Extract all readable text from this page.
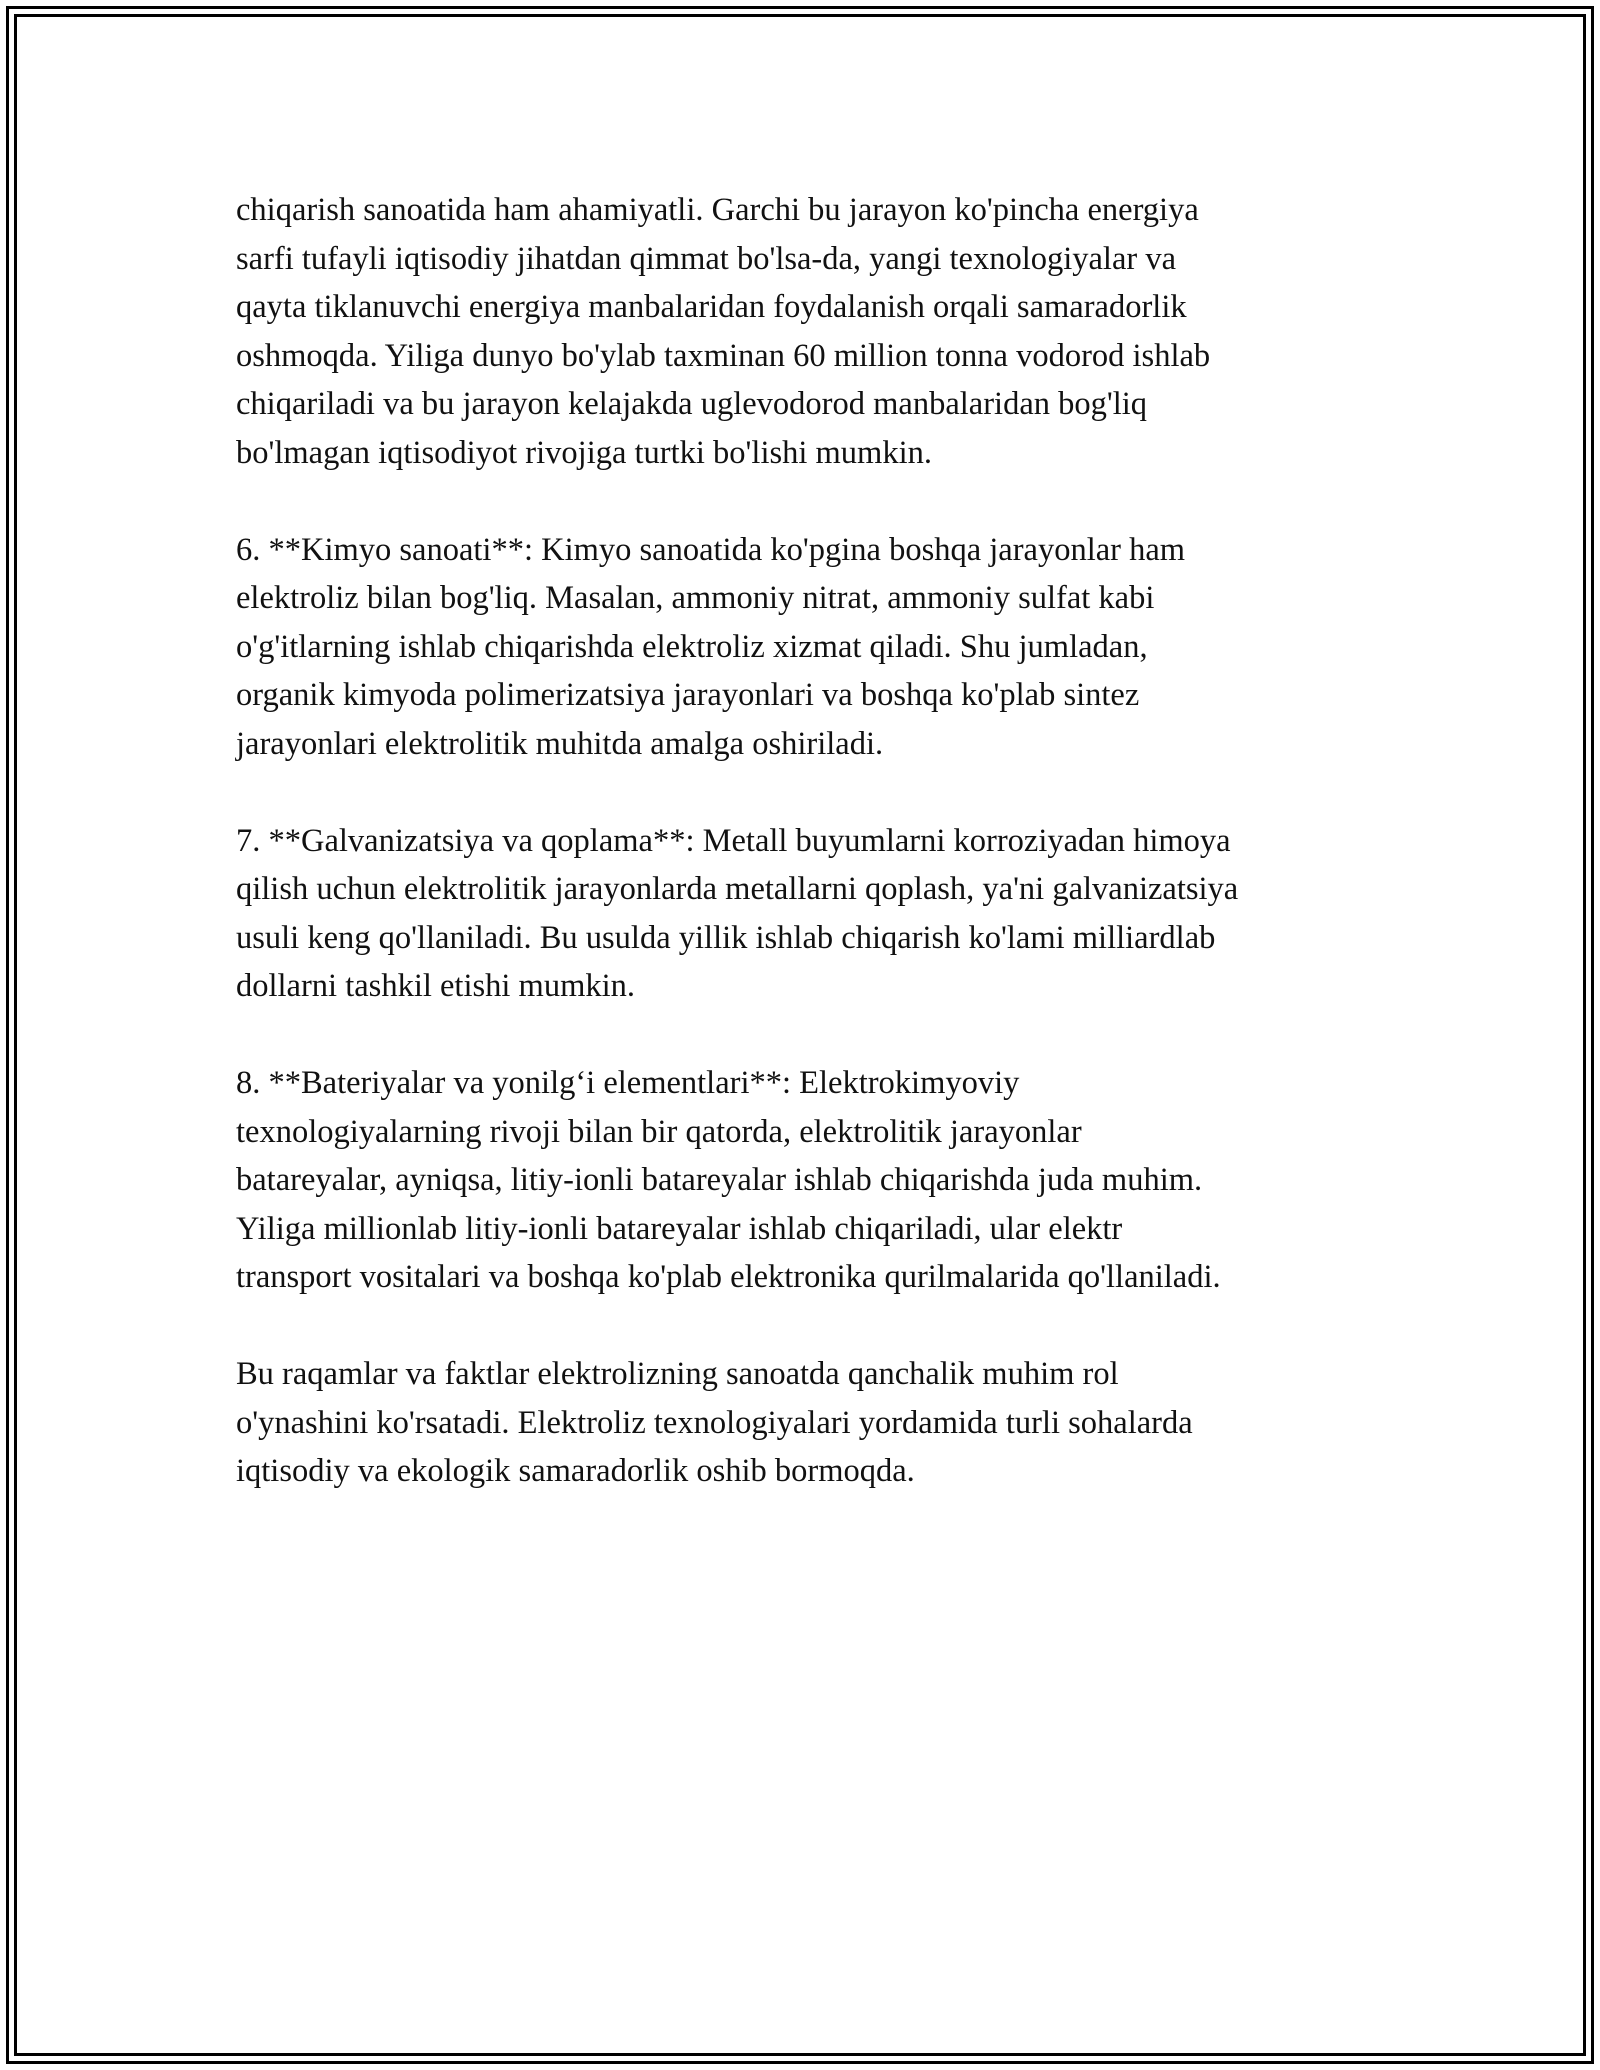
chiqarish sanoatida ham ahamiyatli. Garchi bu jarayon ko'pincha energiya
sarfi tufayli iqtisodiy jihatdan qimmat bo'lsa-da, yangi texnologiyalar va
qayta tiklanuvchi energiya manbalaridan foydalanish orqali samaradorlik
oshmoqda. Yiliga dunyo bo'ylab taxminan 60 million tonna vodorod ishlab
chiqariladi va bu jarayon kelajakda uglevodorod manbalaridan bog'liq
bo'lmagan iqtisodiyot rivojiga turtki bo'lishi mumkin.

6. **Kimyo sanoati**: Kimyo sanoatida ko'pgina boshqa jarayonlar ham
elektroliz bilan bog'liq. Masalan, ammoniy nitrat, ammoniy sulfat kabi
o'g'itlarning ishlab chiqarishda elektroliz xizmat qiladi. Shu jumladan,
organik kimyoda polimerizatsiya jarayonlari va boshqa ko'plab sintez
jarayonlari elektrolitik muhitda amalga oshiriladi.

7. **Galvanizatsiya va qoplama**: Metall buyumlarni korroziyadan himoya
qilish uchun elektrolitik jarayonlarda metallarni qoplash, ya'ni galvanizatsiya
usuli keng qo'llaniladi. Bu usulda yillik ishlab chiqarish ko'lami milliardlab
dollarni tashkil etishi mumkin.

8. **Bateriyalar va yonilg‘i elementlari**: Elektrokimyoviy
texnologiyalarning rivoji bilan bir qatorda, elektrolitik jarayonlar
batareyalar, ayniqsa, litiy-ionli batareyalar ishlab chiqarishda juda muhim.
Yiliga millionlab litiy-ionli batareyalar ishlab chiqariladi, ular elektr
transport vositalari va boshqa ko'plab elektronika qurilmalarida qo'llaniladi.

Bu raqamlar va faktlar elektrolizning sanoatda qanchalik muhim rol
o'ynashini ko'rsatadi. Elektroliz texnologiyalari yordamida turli sohalarda
iqtisodiy va ekologik samaradorlik oshib bormoqda.
